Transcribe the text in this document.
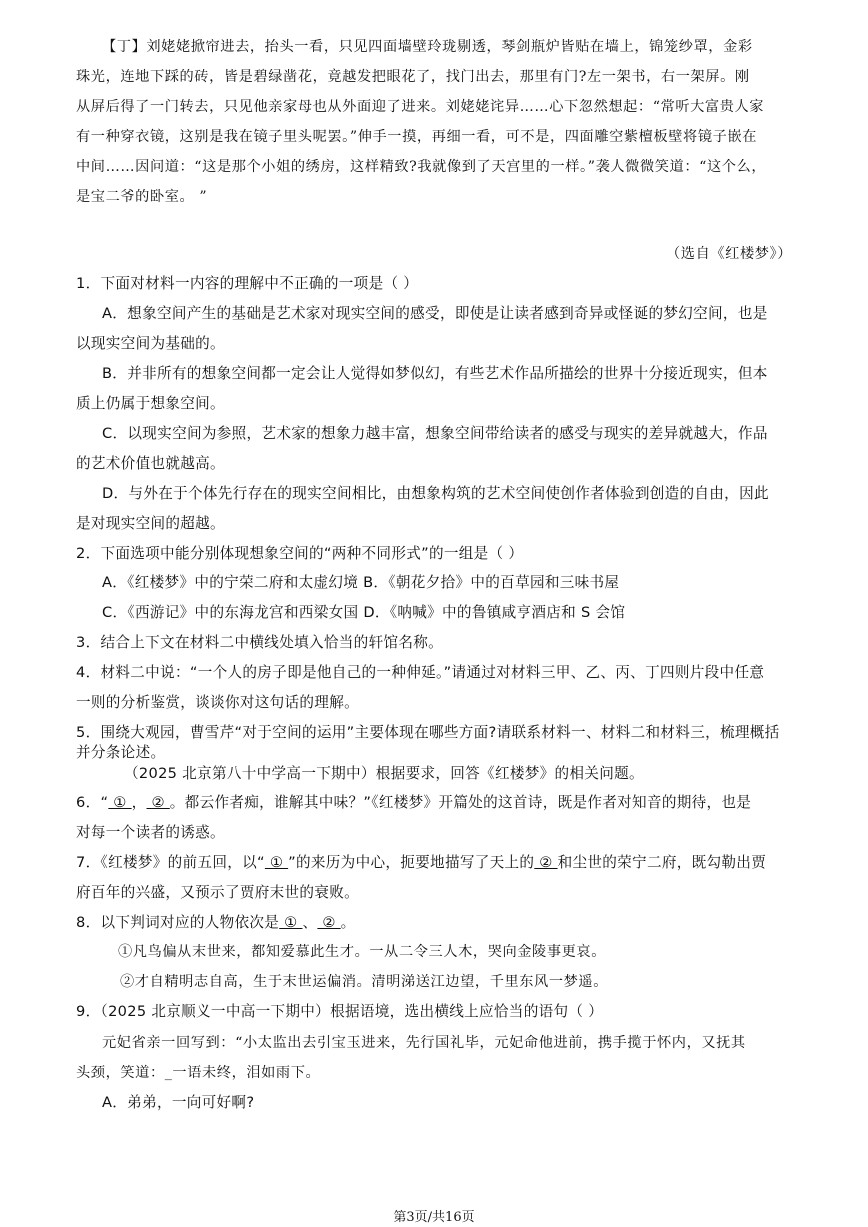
【丁】刘姥姥掀帘进去，抬头一看，只见四面墙壁玲珑剔透，琴剑瓶炉皆贴在墙上，锦笼纱罩，金彩
珠光，连地下踩的砖，皆是碧绿凿花，竟越发把眼花了，找门出去，那里有门?左一架书，右一架屏。刚
从屏后得了一门转去，只见他亲家母也从外面迎了进来。刘姥姥诧异……心下忽然想起：“常听大富贵人家
有一种穿衣镜，这别是我在镜子里头呢罢。”伸手一摸，再细一看，可不是，四面雕空紫檀板壁将镜子嵌在
中间……因问道：“这是那个小姐的绣房，这样精致?我就像到了天宫里的一样。”袭人微微笑道：“这个么，
是宝二爷的卧室。 ”
（选自《红楼梦》）
1．下面对材料一内容的理解中不正确的一项是（ ）
A．想象空间产生的基础是艺术家对现实空间的感受，即使是让读者感到奇异或怪诞的梦幻空间，也是
以现实空间为基础的。
B．并非所有的想象空间都一定会让人觉得如梦似幻，有些艺术作品所描绘的世界十分接近现实，但本
质上仍属于想象空间。
C．以现实空间为参照，艺术家的想象力越丰富，想象空间带给读者的感受与现实的差异就越大，作品
的艺术价值也就越高。
D．与外在于个体先行存在的现实空间相比，由想象构筑的艺术空间使创作者体验到创造的自由，因此
是对现实空间的超越。
2．下面选项中能分别体现想象空间的“两种不同形式”的一组是（ ）
A．《红楼梦》中的宁荣二府和太虚幻境 B．《朝花夕拾》中的百草园和三味书屋
C．《西游记》中的东海龙宫和西梁女国 D．《呐喊》中的鲁镇咸亨酒店和 S 会馆
3．结合上下文在材料二中横线处填入恰当的轩馆名称。
4．材料二中说：“一个人的房子即是他自己的一种伸延。”请通过对材料三甲、乙、丙、丁四则片段中任意
一则的分析鉴赏，谈谈你对这句话的理解。
5．围绕大观园，曹雪芹“对于空间的运用”主要体现在哪些方面?请联系材料一、材料二和材料三，梳理概括
并分条论述。
（2025 北京第八十中学高一下期中）根据要求，回答《红楼梦》的相关问题。
6．“ ① ， ② 。都云作者痴，谁解其中味？”《红楼梦》开篇处的这首诗，既是作者对知音的期待，也是
对每一个读者的诱惑。
7．《红楼梦》的前五回，以“ ① ”的来历为中心，扼要地描写了天上的 ② 和尘世的荣宁二府，既勾勒出贾
府百年的兴盛，又预示了贾府末世的衰败。
8．以下判词对应的人物依次是 ① 、 ② 。
①凡鸟偏从末世来，都知爱慕此生才。一从二令三人木，哭向金陵事更哀。
②才自精明志自高，生于末世运偏消。清明涕送江边望，千里东风一梦遥。
9．（2025 北京顺义一中高一下期中）根据语境，选出横线上应恰当的语句（ ）
元妃省亲一回写到：“小太监出去引宝玉进来，先行国礼毕，元妃命他进前，携手揽于怀内，又抚其
头颈，笑道：_一语未终，泪如雨下。
A．弟弟，一向可好啊?
第3页/共16页
